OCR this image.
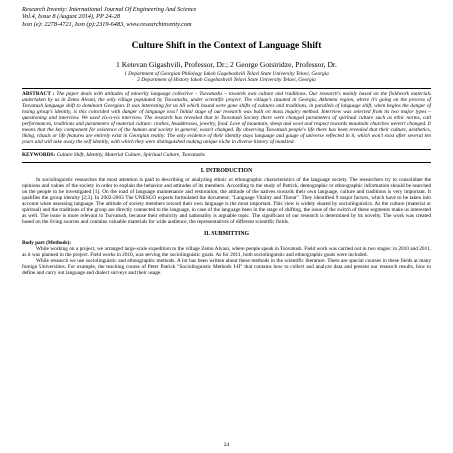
Research Inventy: International Journal Of Engineering And Science
Vol.4, Issue 8 (August 2014), PP 24-28
Issn (e): 2278-4721, Issn (p):2319-6483, www.researchinventy.com
Culture Shift in the Context of Language Shift
1 Ketevan Gigashvili, Professor, Dr.; 2 George Gotsiridze, Professor, Dr.
1 Department of Georgian Philology Iakob Gogebashvili Telavi State University Telavi, Georgia
2 Department of History Iakob Gogebashvili Telavi State University Telavi, Georgia
ABSTRACT : The paper deals with attitudes of minority language collective – Tsovatushs – towards own culture and traditions. Our research's mainly based on the fieldwork materials undertaken by us in Zemo Alvani, the only village populated by Tsovatushs, under scientific project. The village's situated in Georgia, Akhmeta region, where it's going on the process of Tsovatush language shift to dominant Georgian. It was interesting for us till which bound were gone shifts of cultures and traditions, in parallels of language shift, when begins the danger of losing group's identity, is this coincided with danger of language loss? Initial stage of our research was built on mass inquiry method. Interview was selected from its two major types – questioning and interview. We used vis-a-vis interview. The research has revealed that in Tsovatush Society there were changed parameters of spiritual culture such as ethic norms, call performances, traditions and parameters of material culture: clothes, headdresses, jewelry, food. Love of mountain, sheep and wool and respect towards mountain churches weren't changed. It means that the key component for existence of the human and society in general, wasn't changed. By observing Tsovatush people's life there has been revealed that their culture, aesthetics, liking, rituals or life features are entirely exist in Georgian reality. The only evidence of their identity stays language and gauge of universe reflected in it, which won't exist after several ten years and will take away the self identity, with which they were distinguished making unique niche in diverse history of mankind.
KEYWORDS: Culture Shift, Identity, Material Culture, Spiritual Culture, Tsovatushs
I. INTRODUCTION

In sociolinguistic researches the most attention is paid to describing or analyzing ethnic or ethnographic characteristics of the language society. The researchers try to consolidate the opinions and values of the society in order to explain the behavior and attitudes of its members. According to the study of Patrick, demographic or ethnographic information should be searched on the people to be investigated [1]. On the road of language maintenance and restoration, the attitude of the natives towards their own language, culture and traditions is very important. It qualifies the group identity [2;3]. In 2002-2003 The UNESCO experts formulated the document: "Language Vitality and Threat". They identified 9 major factors, which have to be taken into account when assessing language. The attitude of society members toward their own language is the most important. This view is widely shared by sociolinguistics. As the culture (material or spiritual) and the traditions of the group are directly connected to the language, in case of the language been in the stage of shifting, the issue of the switch of these segments make us interested as well. The issue is more relevant to Tsovatush, because their ethnicity and nationality is arguable topic. The significant of our research is determined by its novelty. The work was created based on the living sources and contains valuable materials for wide audience, the representatives of different scientific fields.

II. SUBMITTING
Body part (Methods):

While working on a project, we arranged large-scale expedition to the village Zemo Alvani, where people speak in Tsovatush. Field work was carried out in two stages: in 2010 and 2011, as it was planned in the project. Field works in 2010, was serving the sociolinguistic goals. As for 2011, both sociolinguistic and ethnographic goals were included.

While research we use sociolinguistic and ethnographic methods. A lot has been written about these methods in the scientific literature. There are special courses in these fields at many foreign Universities. For example, the teaching course of Peter Patrick "Sociolinguistic Methods I-II" that contains how to collect and analyze data and present our research results, how to define and carry out language and dialect surveys and their usage.

24
